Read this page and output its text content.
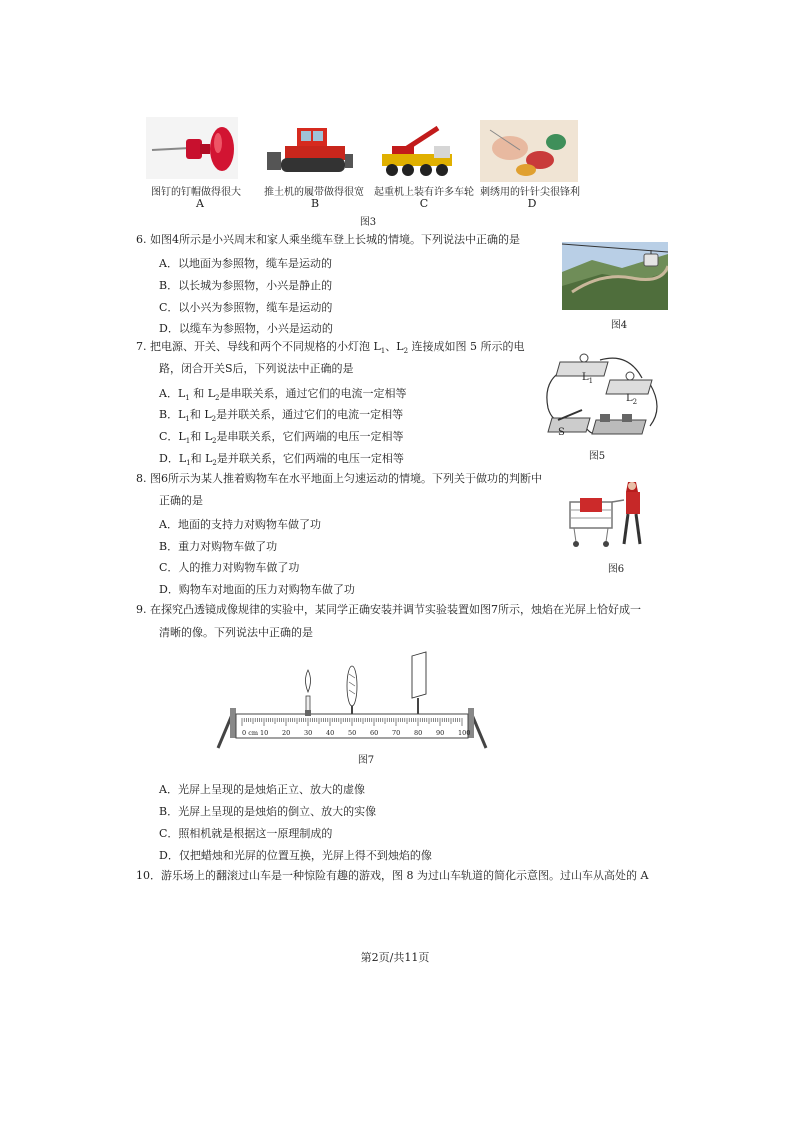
图钉的钉帽做得很大
A
推土机的履带做得很宽
B
起重机上装有许多车轮
C
刺绣用的针针尖很锋利
D
图3
6. 如图4所示是小兴周末和家人乘坐缆车登上长城的情境。下列说法中正确的是
A．以地面为参照物，缆车是运动的
B．以长城为参照物，小兴是静止的
C．以小兴为参照物，缆车是运动的
D．以缆车为参照物，小兴是运动的	图4
7. 把电源、开关、导线和两个不同规格的小灯泡 $L_1$、$L_2$ 连接成如图 5 所示的电
路，闭合开关S后，下列说法中正确的是
A．$L_1$ 和 $L_2$是串联关系，通过它们的电流一定相等
B．$L_1$和 $L_2$是并联关系，通过它们的电流一定相等
C．$L_1$和 $L_2$是串联关系，它们两端的电压一定相等
D．$L_1$和 $L_2$是并联关系，它们两端的电压一定相等
$L_1$
$L_2$
S
图5
8. 图6所示为某人推着购物车在水平地面上匀速运动的情境。下列关于做功的判断中
正确的是
A．地面的支持力对购物车做了功
B．重力对购物车做了功
C．人的推力对购物车做了功
D．购物车对地面的压力对购物车做了功
图6
9. 在探究凸透镜成像规律的实验中，某同学正确安装并调节实验装置如图7所示，烛焰在光屏上恰好成一
清晰的像。下列说法中正确的是
0 cm 10 20 30 40 50 60 70 80 90 100
图7
A．光屏上呈现的是烛焰正立、放大的虚像
B．光屏上呈现的是烛焰的倒立、放大的实像
C．照相机就是根据这一原理制成的
D．仅把蜡烛和光屏的位置互换，光屏上得不到烛焰的像
10．游乐场上的翻滚过山车是一种惊险有趣的游戏，图 8 为过山车轨道的简化示意图。过山车从高处的 A
第2页/共11页
